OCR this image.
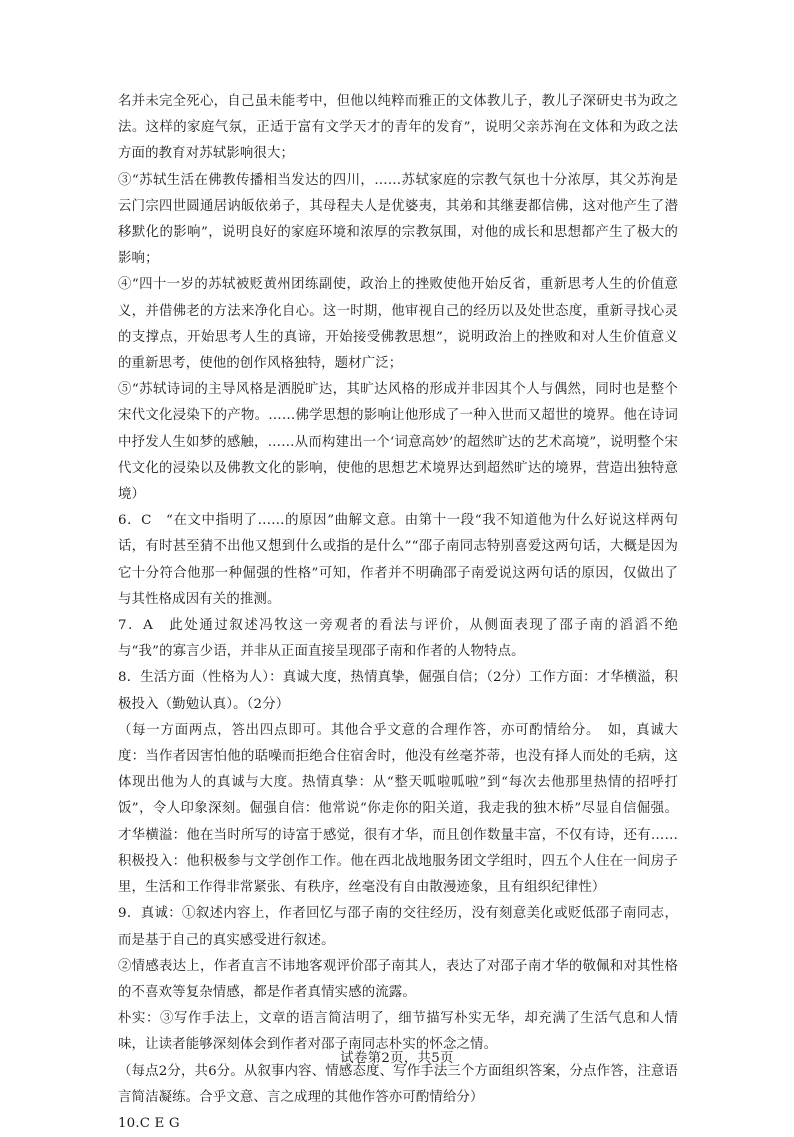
名并未完全死心，自己虽未能考中，但他以纯粹而雅正的文体教儿子，教儿子深研史书为政之法。这样的家庭气氛，正适于富有文学天才的青年的发育”，说明父亲苏洵在文体和为政之法方面的教育对苏轼影响很大；

③“苏轼生活在佛教传播相当发达的四川，……苏轼家庭的宗教气氛也十分浓厚，其父苏洵是云门宗四世圆通居讷皈依弟子，其母程夫人是优婆夷，其弟和其继妻都信佛，这对他产生了潜移默化的影响”，说明良好的家庭环境和浓厚的宗教氛围，对他的成长和思想都产生了极大的影响；

④“四十一岁的苏轼被贬黄州团练副使，政治上的挫败使他开始反省，重新思考人生的价值意义，并借佛老的方法来净化自心。这一时期，他审视自己的经历以及处世态度，重新寻找心灵的支撑点，开始思考人生的真谛，开始接受佛教思想”，说明政治上的挫败和对人生价值意义的重新思考，使他的创作风格独特，题材广泛；

⑤“苏轼诗词的主导风格是洒脱旷达，其旷达风格的形成并非因其个人与偶然，同时也是整个宋代文化浸染下的产物。……佛学思想的影响让他形成了一种入世而又超世的境界。他在诗词中抒发人生如梦的感触，……从而构建出一个‘词意高妙’的超然旷达的艺术高境”，说明整个宋代文化的浸染以及佛教文化的影响，使他的思想艺术境界达到超然旷达的境界，营造出独特意境）

6．C　“在文中指明了……的原因”曲解文意。由第十一段“我不知道他为什么好说这样两句话，有时甚至猜不出他又想到什么或指的是什么”“邵子南同志特别喜爱这两句话，大概是因为它十分符合他那一种倔强的性格”可知，作者并不明确邵子南爱说这两句话的原因，仅做出了与其性格成因有关的推测。

7．A　此处通过叙述冯牧这一旁观者的看法与评价，从侧面表现了邵子南的滔滔不绝与“我”的寡言少语，并非从正面直接呈现邵子南和作者的人物特点。

8．生活方面（性格为人）：真诚大度，热情真挚，倔强自信；（2分）工作方面：才华横溢，积极投入（勤勉认真）。（2分）

（每一方面两点，答出四点即可。其他合乎文意的合理作答，亦可酌情给分。　如，真诚大度：当作者因害怕他的聒噪而拒绝合住宿舍时，他没有丝毫芥蒂，也没有择人而处的毛病，这体现出他为人的真诚与大度。热情真挚：从“整天呱啦呱啦”到“每次去他那里热情的招呼打饭”，令人印象深刻。倔强自信：他常说“你走你的阳关道，我走我的独木桥”尽显自信倔强。才华横溢：他在当时所写的诗富于感觉，很有才华，而且创作数量丰富，不仅有诗，还有……积极投入：他积极参与文学创作工作。他在西北战地服务团文学组时，四五个人住在一间房子里，生活和工作得非常紧张、有秩序，丝毫没有自由散漫迹象，且有组织纪律性）

9．真诚：①叙述内容上，作者回忆与邵子南的交往经历，没有刻意美化或贬低邵子南同志，而是基于自己的真实感受进行叙述。

②情感表达上，作者直言不讳地客观评价邵子南其人，表达了对邵子南才华的敬佩和对其性格的不喜欢等复杂情感，都是作者真情实感的流露。

朴实：③写作手法上，文章的语言简洁明了，细节描写朴实无华，却充满了生活气息和人情味，让读者能够深刻体会到作者对邵子南同志朴实的怀念之情。

（每点2分，共6分。从叙事内容、情感态度、写作手法三个方面组织答案，分点作答，注意语言简洁凝练。合乎文意、言之成理的其他作答亦可酌情给分）

10.C E G

试卷第2页，共5页
